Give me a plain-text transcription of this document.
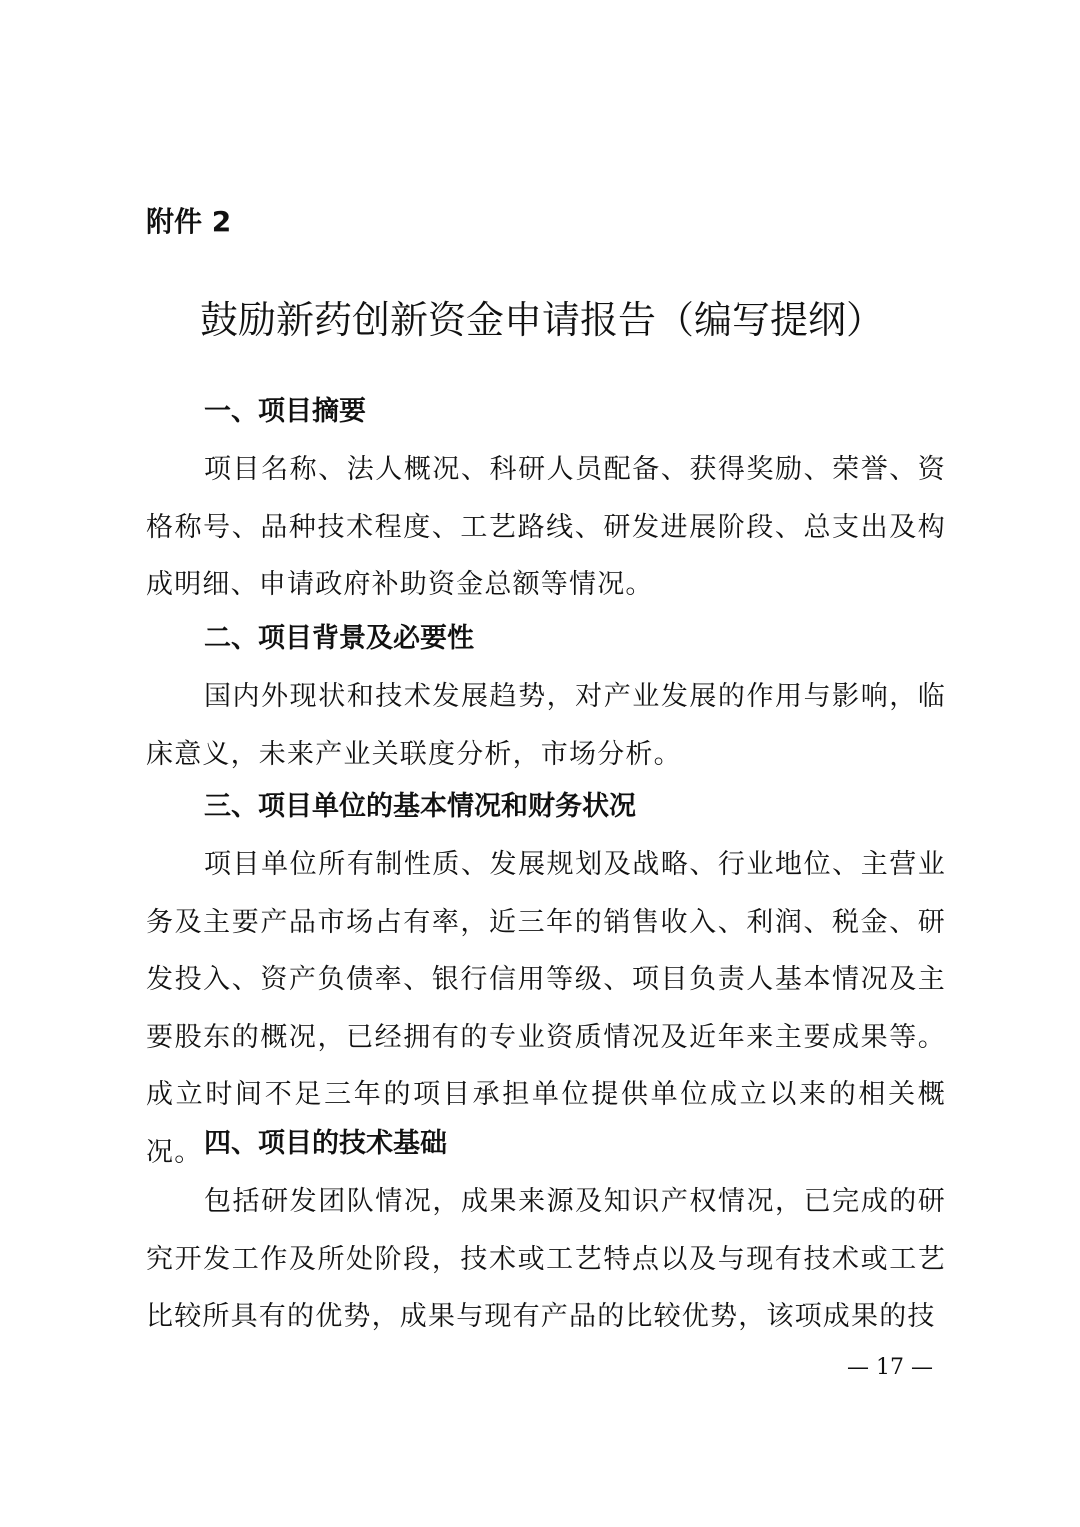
附件 2
鼓励新药创新资金申请报告（编写提纲）
一、项目摘要

项目名称、法人概况、科研人员配备、获得奖励、荣誉、资格称号、品种技术程度、工艺路线、研发进展阶段、总支出及构成明细、申请政府补助资金总额等情况。

二、项目背景及必要性

国内外现状和技术发展趋势，对产业发展的作用与影响，临床意义，未来产业关联度分析，市场分析。

三、项目单位的基本情况和财务状况

项目单位所有制性质、发展规划及战略、行业地位、主营业务及主要产品市场占有率，近三年的销售收入、利润、税金、研发投入、资产负债率、银行信用等级、项目负责人基本情况及主要股东的概况，已经拥有的专业资质情况及近年来主要成果等。成立时间不足三年的项目承担单位提供单位成立以来的相关概况。 四、项目的技术基础

包括研发团队情况，成果来源及知识产权情况，已完成的研究开发工作及所处阶段，技术或工艺特点以及与现有技术或工艺比较所具有的优势，成果与现有产品的比较优势，该项成果的技

— 17 —
